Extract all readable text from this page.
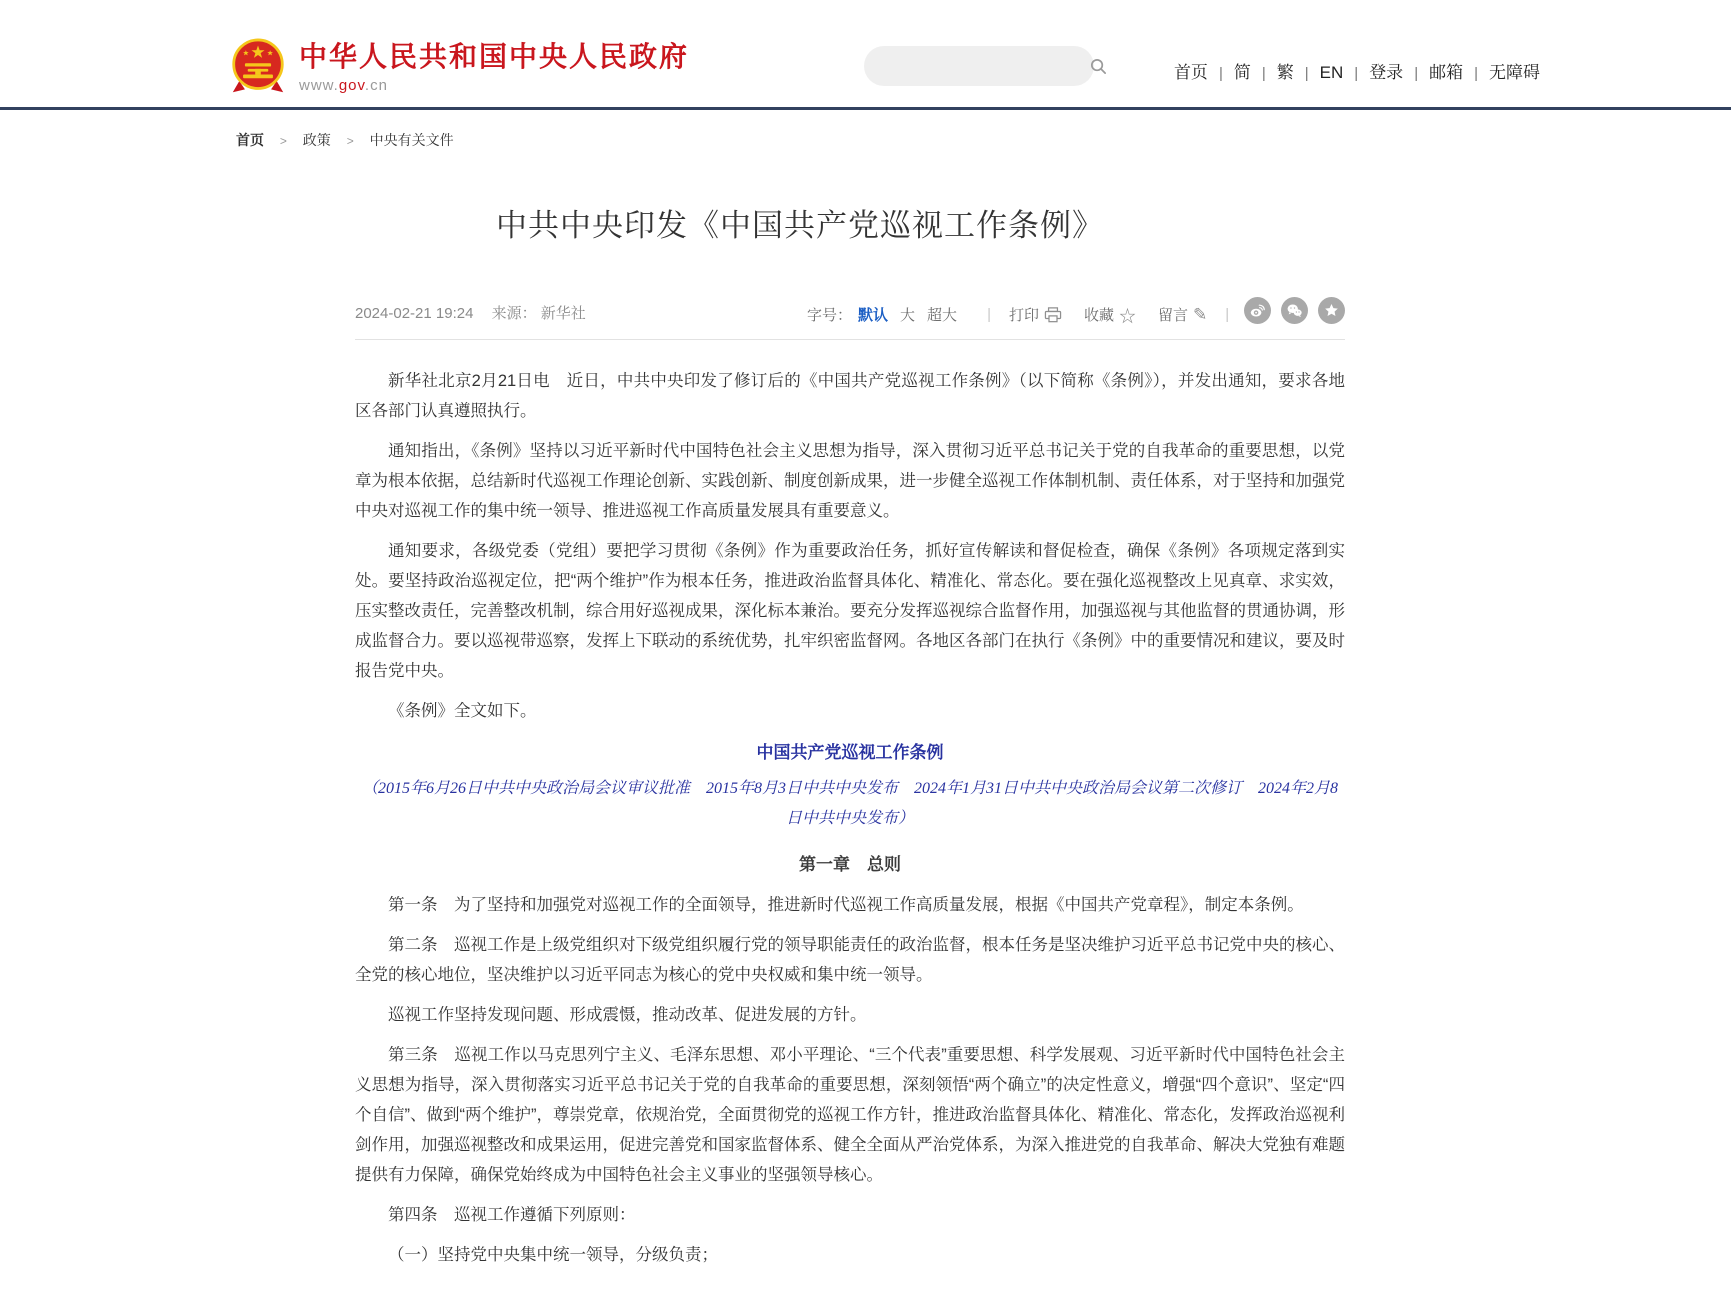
中华人民共和国中央人民政府
www.gov.cn
首页 | 简 | 繁 | EN | 登录 | 邮箱 | 无障碍
首页 > 政策 > 中央有关文件
中共中央印发《中国共产党巡视工作条例》
2024-02-21 19:24 来源： 新华社	字号： 默认 大 超大 | 打印	收藏 ☆ 留言 ✎ |

新华社北京2月21日电　近日，中共中央印发了修订后的《中国共产党巡视工作条例》（以下简称《条例》），并发出通知，要求各地区各部门认真遵照执行。

通知指出，《条例》坚持以习近平新时代中国特色社会主义思想为指导，深入贯彻习近平总书记关于党的自我革命的重要思想，以党章为根本依据，总结新时代巡视工作理论创新、实践创新、制度创新成果，进一步健全巡视工作体制机制、责任体系，对于坚持和加强党中央对巡视工作的集中统一领导、推进巡视工作高质量发展具有重要意义。

通知要求，各级党委（党组）要把学习贯彻《条例》作为重要政治任务，抓好宣传解读和督促检查，确保《条例》各项规定落到实处。要坚持政治巡视定位，把“两个维护”作为根本任务，推进政治监督具体化、精准化、常态化。要在强化巡视整改上见真章、求实效，压实整改责任，完善整改机制，综合用好巡视成果，深化标本兼治。要充分发挥巡视综合监督作用，加强巡视与其他监督的贯通协调，形成监督合力。要以巡视带巡察，发挥上下联动的系统优势，扎牢织密监督网。各地区各部门在执行《条例》中的重要情况和建议，要及时报告党中央。

《条例》全文如下。

中国共产党巡视工作条例

（2015年6月26日中共中央政治局会议审议批准　2015年8月3日中共中央发布　2024年1月31日中共中央政治局会议第二次修订　2024年2月8日中共中央发布）

第一章　总则

第一条　为了坚持和加强党对巡视工作的全面领导，推进新时代巡视工作高质量发展，根据《中国共产党章程》，制定本条例。

第二条　巡视工作是上级党组织对下级党组织履行党的领导职能责任的政治监督，根本任务是坚决维护习近平总书记党中央的核心、全党的核心地位，坚决维护以习近平同志为核心的党中央权威和集中统一领导。

巡视工作坚持发现问题、形成震慑，推动改革、促进发展的方针。

第三条　巡视工作以马克思列宁主义、毛泽东思想、邓小平理论、“三个代表”重要思想、科学发展观、习近平新时代中国特色社会主义思想为指导，深入贯彻落实习近平总书记关于党的自我革命的重要思想，深刻领悟“两个确立”的决定性意义，增强“四个意识”、坚定“四个自信”、做到“两个维护”，尊崇党章，依规治党，全面贯彻党的巡视工作方针，推进政治监督具体化、精准化、常态化，发挥政治巡视利剑作用，加强巡视整改和成果运用，促进完善党和国家监督体系、健全全面从严治党体系，为深入推进党的自我革命、解决大党独有难题提供有力保障，确保党始终成为中国特色社会主义事业的坚强领导核心。

第四条　巡视工作遵循下列原则：

（一）坚持党中央集中统一领导，分级负责；
